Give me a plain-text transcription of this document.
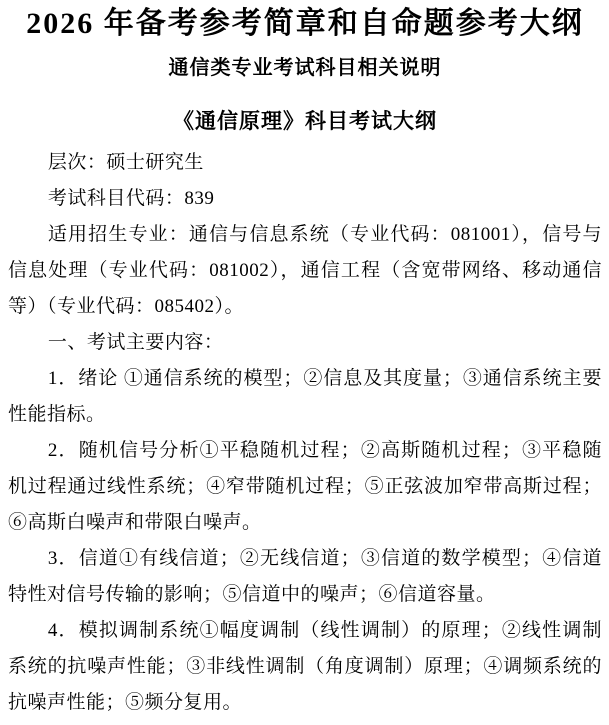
2026 年备考参考简章和自命题参考大纲
通信类专业考试科目相关说明
《通信原理》科目考试大纲

层次：硕士研究生

考试科目代码：839

适用招生专业：通信与信息系统（专业代码：081001），信号与信息处理（专业代码：081002），通信工程（含宽带网络、移动通信等）（专业代码：085402）。

一、考试主要内容：

1．绪论 ①通信系统的模型；②信息及其度量；③通信系统主要性能指标。

2．随机信号分析①平稳随机过程；②高斯随机过程；③平稳随机过程通过线性系统；④窄带随机过程；⑤正弦波加窄带高斯过程；⑥高斯白噪声和带限白噪声。

3．信道①有线信道；②无线信道；③信道的数学模型；④信道特性对信号传输的影响；⑤信道中的噪声；⑥信道容量。

4．模拟调制系统①幅度调制（线性调制）的原理；②线性调制系统的抗噪声性能；③非线性调制（角度调制）原理；④调频系统的抗噪声性能；⑤频分复用。
